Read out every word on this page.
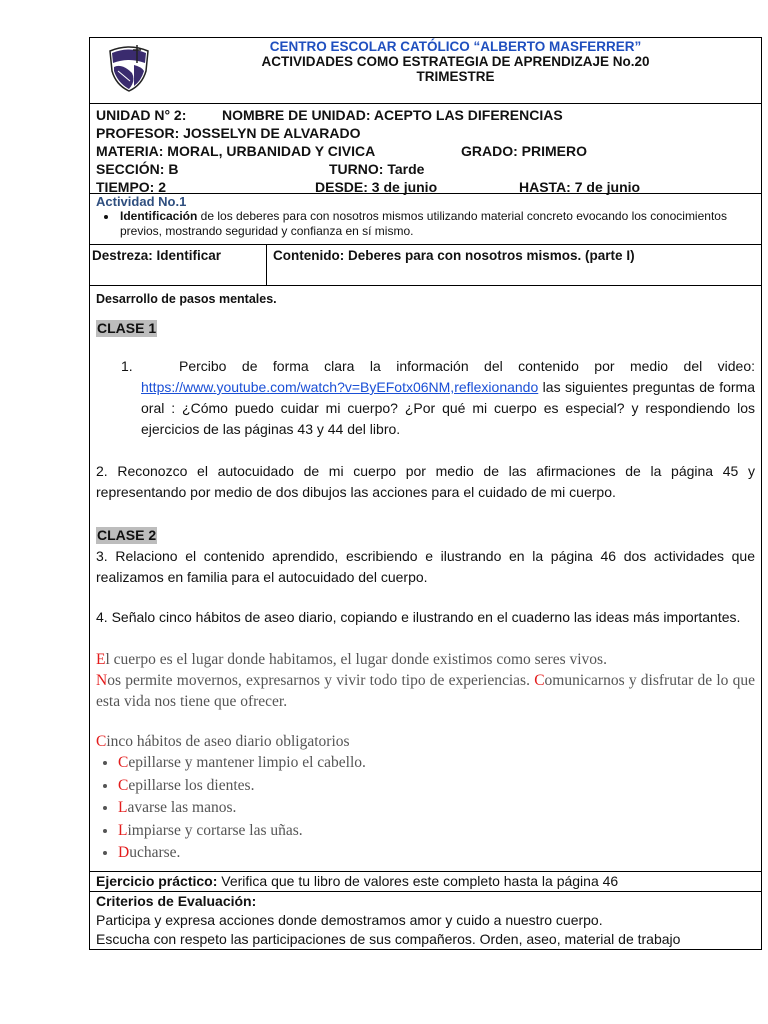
CENTRO ESCOLAR CATÓLICO “ALBERTO MASFERRER”
ACTIVIDADES COMO ESTRATEGIA DE APRENDIZAJE No.20
TRIMESTRE
UNIDAD N° 2:	NOMBRE DE UNIDAD: ACEPTO LAS DIFERENCIAS
PROFESOR: JOSSELYN DE ALVARADO
MATERIA: MORAL, URBANIDAD Y CIVICA	GRADO: PRIMERO
SECCIÓN: B	TURNO: Tarde
TIEMPO: 2	DESDE: 3 de junio	HASTA: 7 de junio
Actividad No.1
• Identificación de los deberes para con nosotros mismos utilizando material concreto evocando los conocimientos previos, mostrando seguridad y confianza en sí mismo.
Destreza: Identificar	Contenido: Deberes para con nosotros mismos. (parte I)
Desarrollo de pasos mentales.
CLASE 1

1.	Percibo de forma clara la información del contenido por medio del video: https://www.youtube.com/watch?v=ByEFotx06NM,reflexionando las siguientes preguntas de forma oral : ¿Cómo puedo cuidar mi cuerpo? ¿Por qué mi cuerpo es especial? y respondiendo los ejercicios de las páginas 43 y 44 del libro.

2. Reconozco el autocuidado de mi cuerpo por medio de las afirmaciones de la página 45 y representando por medio de dos dibujos las acciones para el cuidado de mi cuerpo.

CLASE 2

3. Relaciono el contenido aprendido, escribiendo e ilustrando en la página 46 dos actividades que realizamos en familia para el autocuidado del cuerpo.

4. Señalo cinco hábitos de aseo diario, copiando e ilustrando en el cuaderno las ideas más importantes.

El cuerpo es el lugar donde habitamos, el lugar donde existimos como seres vivos.
Nos permite movernos, expresarnos y vivir todo tipo de experiencias. Comunicarnos y disfrutar de lo que esta vida nos tiene que ofrecer.

Cinco hábitos de aseo diario obligatorios
• Cepillarse y mantener limpio el cabello.
• Cepillarse los dientes.
• Lavarse las manos.
• Limpiarse y cortarse las uñas.
• Ducharse.
Ejercicio práctico: Verifica que tu libro de valores este completo hasta la página 46
Criterios de Evaluación:
Participa y expresa acciones donde demostramos amor y cuido a nuestro cuerpo.
Escucha con respeto las participaciones de sus compañeros. Orden, aseo, material de trabajo
